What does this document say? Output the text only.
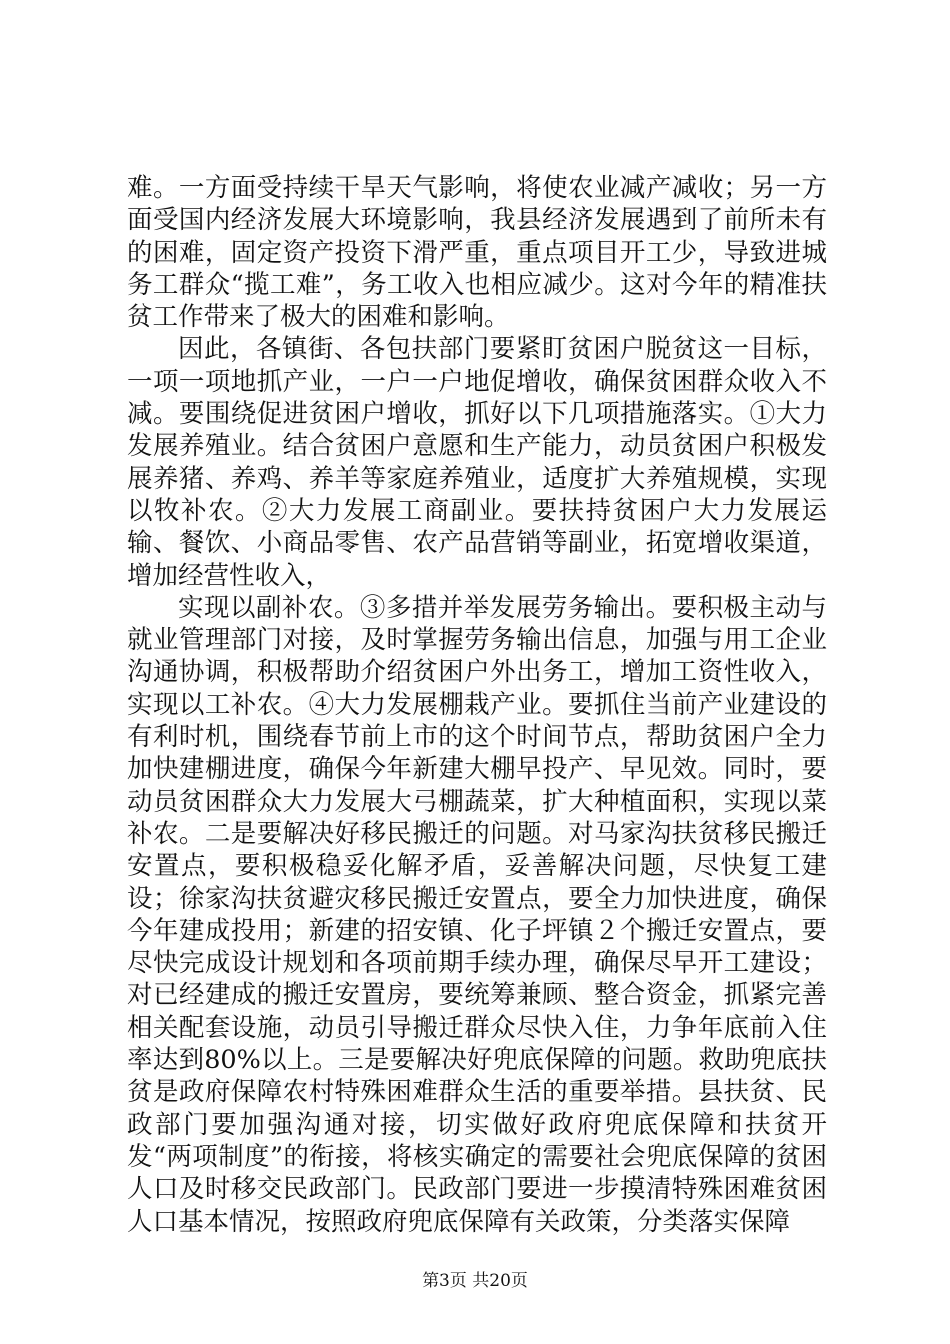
难。一方面受持续干旱天气影响，将使农业减产减收；另一方面受国内经济发展大环境影响，我县经济发展遇到了前所未有的困难，固定资产投资下滑严重，重点项目开工少，导致进城务工群众“揽工难”，务工收入也相应减少。这对今年的精准扶贫工作带来了极大的困难和影响。

因此，各镇街、各包扶部门要紧盯贫困户脱贫这一目标，一项一项地抓产业，一户一户地促增收，确保贫困群众收入不减。要围绕促进贫困户增收，抓好以下几项措施落实。①大力发展养殖业。结合贫困户意愿和生产能力，动员贫困户积极发展养猪、养鸡、养羊等家庭养殖业，适度扩大养殖规模，实现以牧补农。②大力发展工商副业。要扶持贫困户大力发展运输、餐饮、小商品零售、农产品营销等副业，拓宽增收渠道，增加经营性收入，

实现以副补农。③多措并举发展劳务输出。要积极主动与就业管理部门对接，及时掌握劳务输出信息，加强与用工企业沟通协调，积极帮助介绍贫困户外出务工，增加工资性收入，实现以工补农。④大力发展棚栽产业。要抓住当前产业建设的有利时机，围绕春节前上市的这个时间节点，帮助贫困户全力加快建棚进度，确保今年新建大棚早投产、早见效。同时，要动员贫困群众大力发展大弓棚蔬菜，扩大种植面积，实现以菜补农。二是要解决好移民搬迁的问题。对马家沟扶贫移民搬迁安置点，要积极稳妥化解矛盾，妥善解决问题，尽快复工建设；徐家沟扶贫避灾移民搬迁安置点，要全力加快进度，确保今年建成投用；新建的招安镇、化子坪镇２个搬迁安置点，要尽快完成设计规划和各项前期手续办理，确保尽早开工建设；对已经建成的搬迁安置房，要统筹兼顾、整合资金，抓紧完善相关配套设施，动员引导搬迁群众尽快入住，力争年底前入住率达到80%以上。三是要解决好兜底保障的问题。救助兜底扶贫是政府保障农村特殊困难群众生活的重要举措。县扶贫、民政部门要加强沟通对接，切实做好政府兜底保障和扶贫开发“两项制度”的衔接，将核实确定的需要社会兜底保障的贫困人口及时移交民政部门。民政部门要进一步摸清特殊困难贫困人口基本情况，按照政府兜底保障有关政策，分类落实保障

第3页 共20页
